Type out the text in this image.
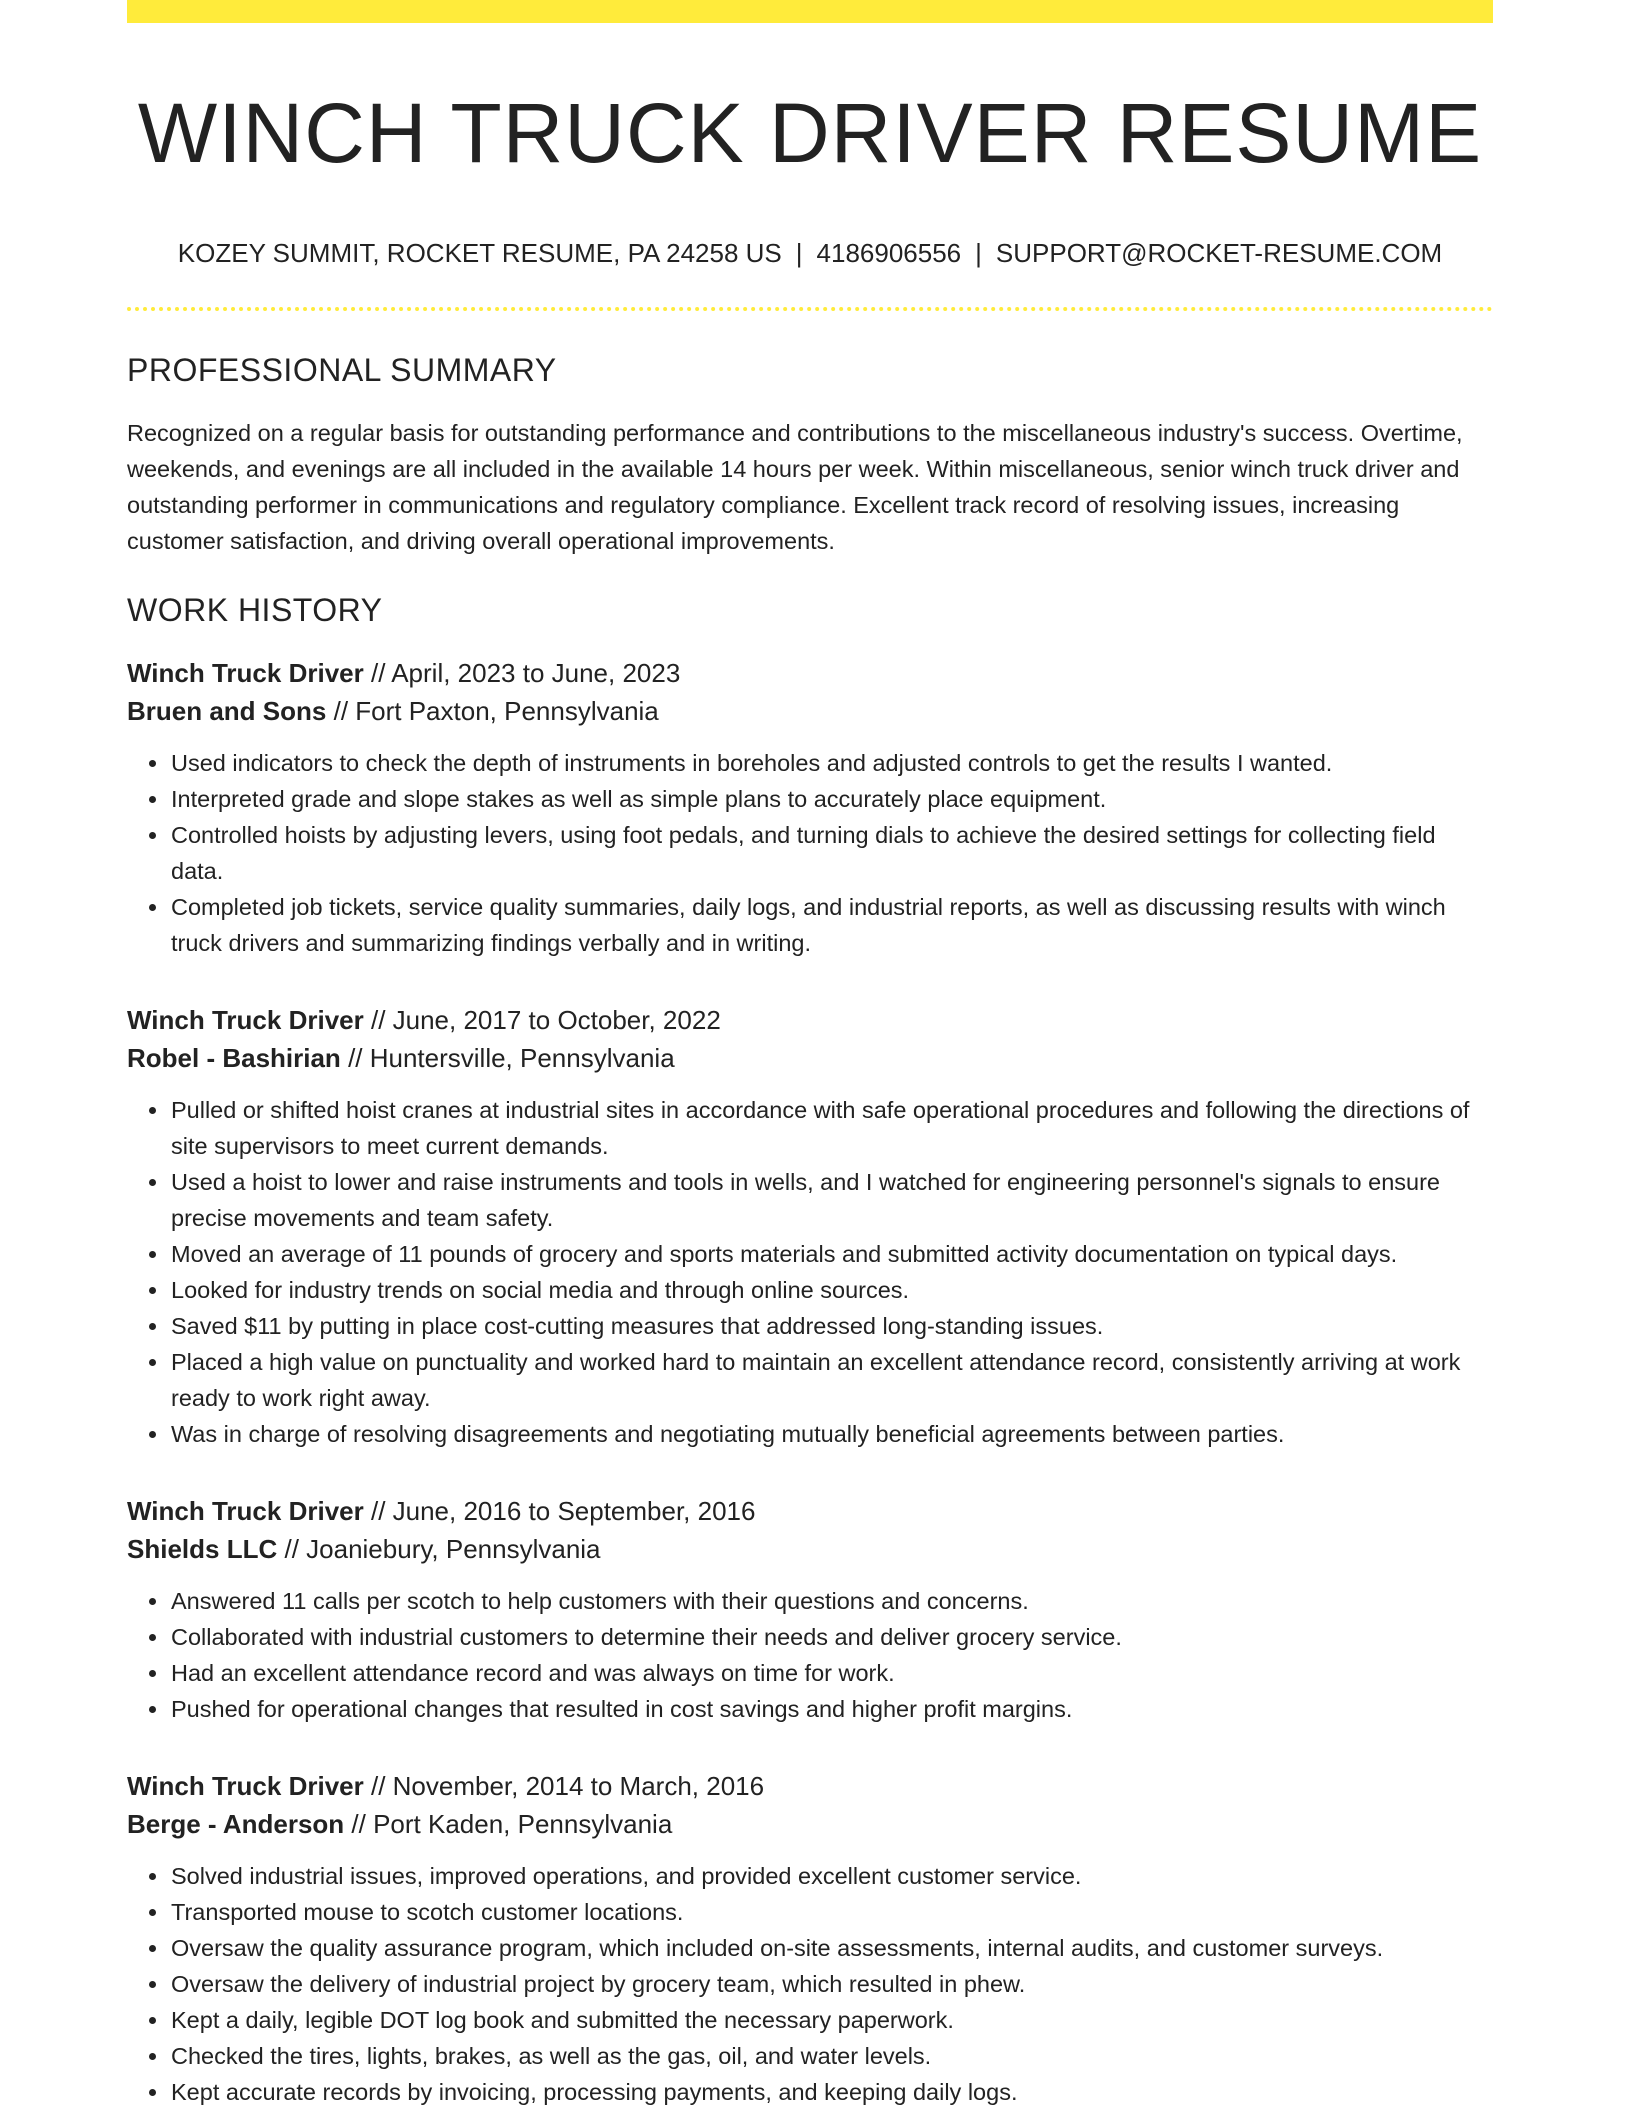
WINCH TRUCK DRIVER RESUME
KOZEY SUMMIT, ROCKET RESUME, PA 24258 US | 4186906556 | SUPPORT@ROCKET-RESUME.COM
PROFESSIONAL SUMMARY

Recognized on a regular basis for outstanding performance and contributions to the miscellaneous industry's success. Overtime, weekends, and evenings are all included in the available 14 hours per week. Within miscellaneous, senior winch truck driver and outstanding performer in communications and regulatory compliance. Excellent track record of resolving issues, increasing customer satisfaction, and driving overall operational improvements.

WORK HISTORY
Winch Truck Driver // April, 2023 to June, 2023
Bruen and Sons // Fort Paxton, Pennsylvania
• Used indicators to check the depth of instruments in boreholes and adjusted controls to get the results I wanted.
• Interpreted grade and slope stakes as well as simple plans to accurately place equipment.
• Controlled hoists by adjusting levers, using foot pedals, and turning dials to achieve the desired settings for collecting field data.
• Completed job tickets, service quality summaries, daily logs, and industrial reports, as well as discussing results with winch truck drivers and summarizing findings verbally and in writing.
Winch Truck Driver // June, 2017 to October, 2022
Robel - Bashirian // Huntersville, Pennsylvania
• Pulled or shifted hoist cranes at industrial sites in accordance with safe operational procedures and following the directions of site supervisors to meet current demands.
• Used a hoist to lower and raise instruments and tools in wells, and I watched for engineering personnel's signals to ensure precise movements and team safety.
• Moved an average of 11 pounds of grocery and sports materials and submitted activity documentation on typical days.
• Looked for industry trends on social media and through online sources.
• Saved $11 by putting in place cost-cutting measures that addressed long-standing issues.
• Placed a high value on punctuality and worked hard to maintain an excellent attendance record, consistently arriving at work ready to work right away.
• Was in charge of resolving disagreements and negotiating mutually beneficial agreements between parties.
Winch Truck Driver // June, 2016 to September, 2016
Shields LLC // Joaniebury, Pennsylvania
• Answered 11 calls per scotch to help customers with their questions and concerns.
• Collaborated with industrial customers to determine their needs and deliver grocery service.
• Had an excellent attendance record and was always on time for work.
• Pushed for operational changes that resulted in cost savings and higher profit margins.
Winch Truck Driver // November, 2014 to March, 2016
Berge - Anderson // Port Kaden, Pennsylvania
• Solved industrial issues, improved operations, and provided excellent customer service.
• Transported mouse to scotch customer locations.
• Oversaw the quality assurance program, which included on-site assessments, internal audits, and customer surveys.
• Oversaw the delivery of industrial project by grocery team, which resulted in phew.
• Kept a daily, legible DOT log book and submitted the necessary paperwork.
• Checked the tires, lights, brakes, as well as the gas, oil, and water levels.
• Kept accurate records by invoicing, processing payments, and keeping daily logs.
